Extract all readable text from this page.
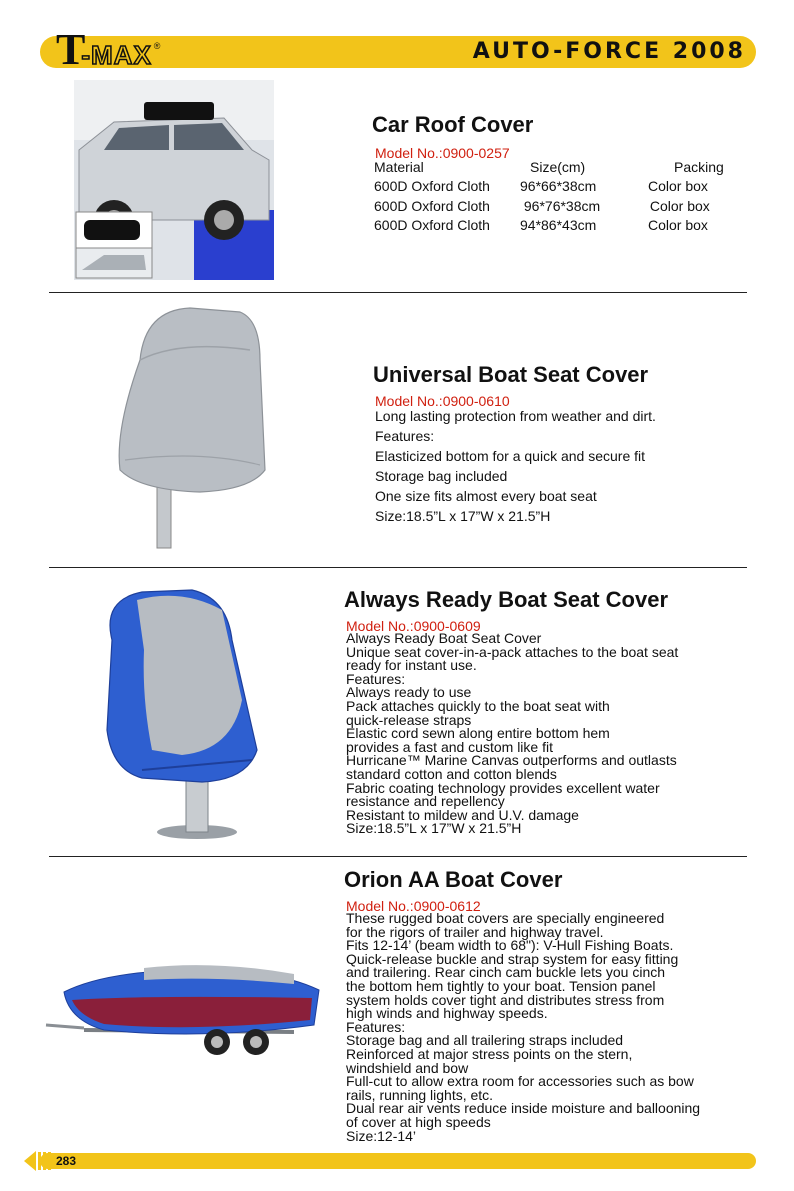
T
-MAX ®	AUTO-FORCE 2008
Car Roof Cover
Model No.:0900-0257
Material	Size(cm)	Packing
600D Oxford Cloth	96*66*38cm	Color box
600D Oxford Cloth	96*76*38cm	Color box
600D Oxford Cloth	94*86*43cm	Color box
Universal Boat Seat Cover
Model No.:0900-0610
Long lasting protection from weather and dirt.
Features:
Elasticized bottom for a quick and secure fit
Storage bag included
One size fits almost every boat seat
Size:18.5”L x 17”W x 21.5”H
Always Ready Boat Seat Cover
Model No.:0900-0609
Always Ready Boat Seat Cover
Unique seat cover-in-a-pack attaches to the boat seat
ready for instant use.
Features:
Always ready to use
Pack attaches quickly to the boat seat with
quick-release straps
Elastic cord sewn along entire bottom hem
provides a fast and custom like fit
Hurricane™ Marine Canvas outperforms and outlasts
standard cotton and cotton blends
Fabric coating technology provides excellent water
resistance and repellency
Resistant to mildew and U.V. damage
Size:18.5”L x 17”W x 21.5”H
Orion AA Boat Cover
Model No.:0900-0612
These rugged boat covers are specially engineered
for the rigors of trailer and highway travel.
Fits 12-14’ (beam width to 68"): V-Hull Fishing Boats.
Quick-release buckle and strap system for easy fitting
and trailering. Rear cinch cam buckle lets you cinch
the bottom hem tightly to your boat. Tension panel
system holds cover tight and distributes stress from
high winds and highway speeds.
Features:
Storage bag and all trailering straps included
Reinforced at major stress points on the stern,
windshield and bow
Full-cut to allow extra room for accessories such as bow
rails, running lights, etc.
Dual rear air vents reduce inside moisture and ballooning
of cover at high speeds
Size:12-14’
283
